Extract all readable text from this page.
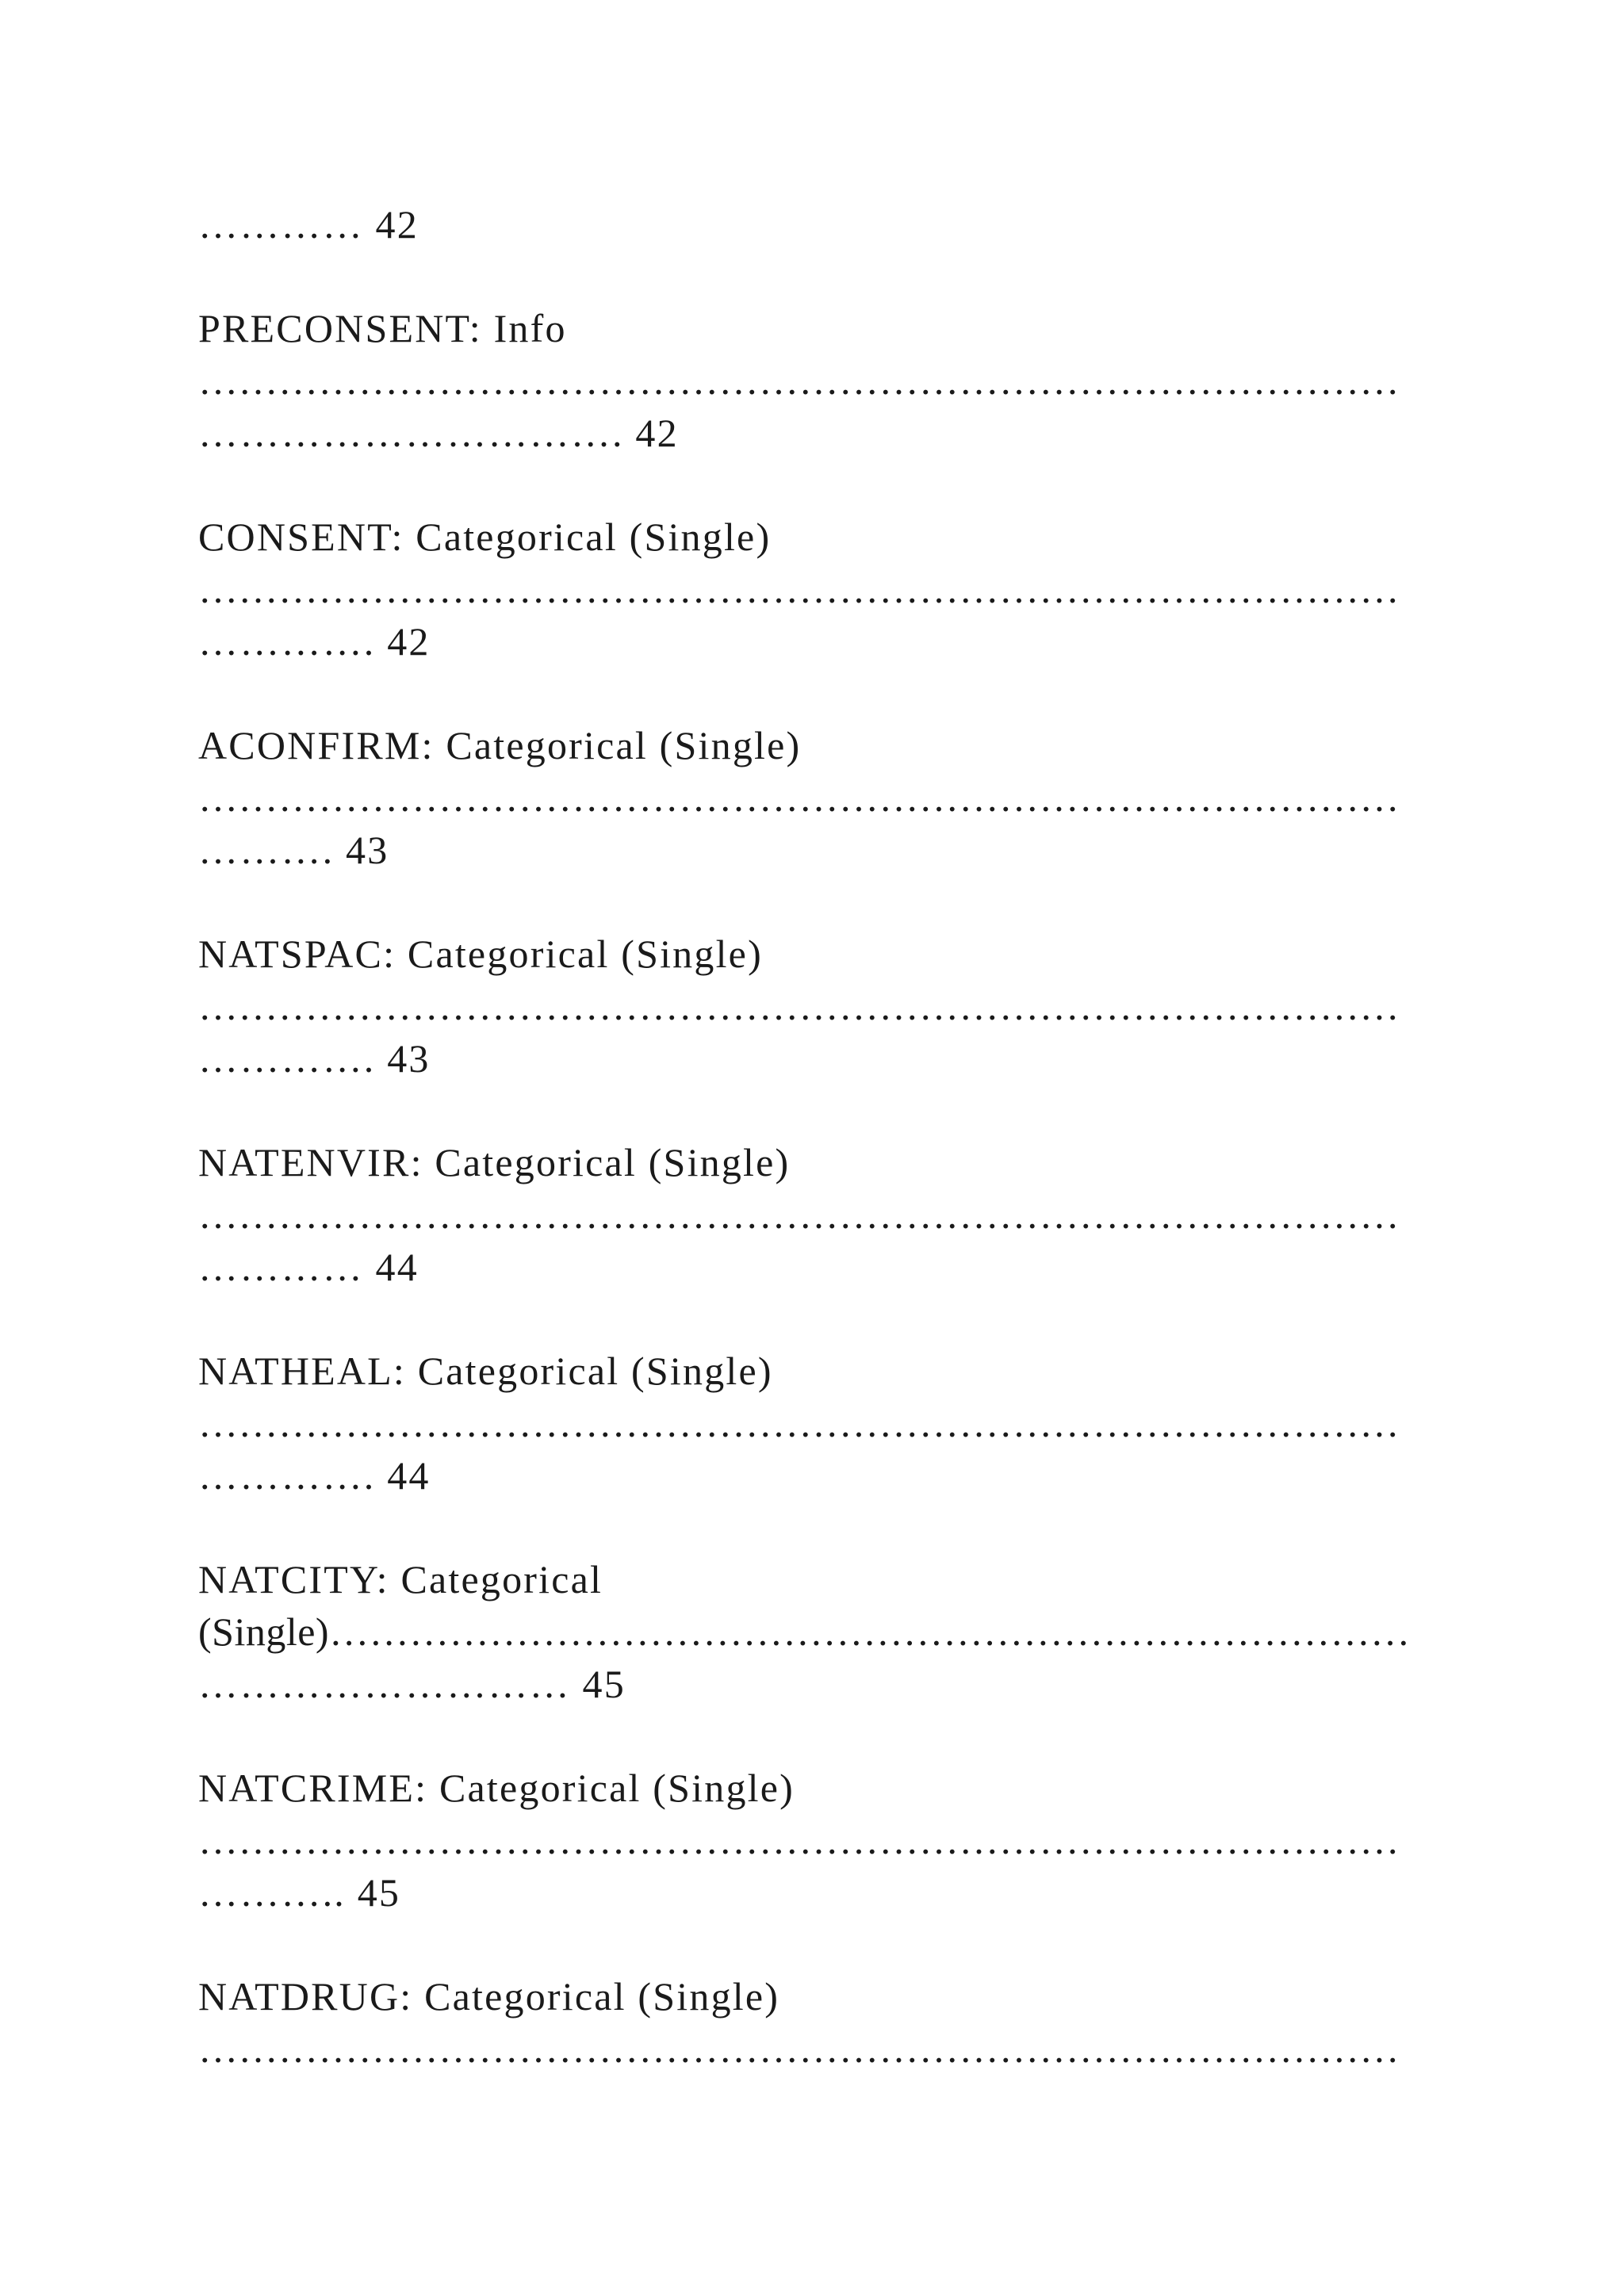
………… 42

PRECONSENT: Info

………………………………………………………………………………

…………………………. 42

CONSENT: Categorical (Single)

………………………………………………………………………………

…………. 42

ACONFIRM: Categorical (Single)

………………………………………………………………………………

………. 43

NATSPAC: Categorical (Single)

………………………………………………………………………………

…………. 43

NATENVIR: Categorical (Single)

………………………………………………………………………………

………… 44

NATHEAL: Categorical (Single)

………………………………………………………………………………

…………. 44

NATCITY: Categorical

(Single)………………………………………………………………………

……………………… 45

NATCRIME: Categorical (Single)

………………………………………………………………………………

……….. 45

NATDRUG: Categorical (Single)

………………………………………………………………………………
